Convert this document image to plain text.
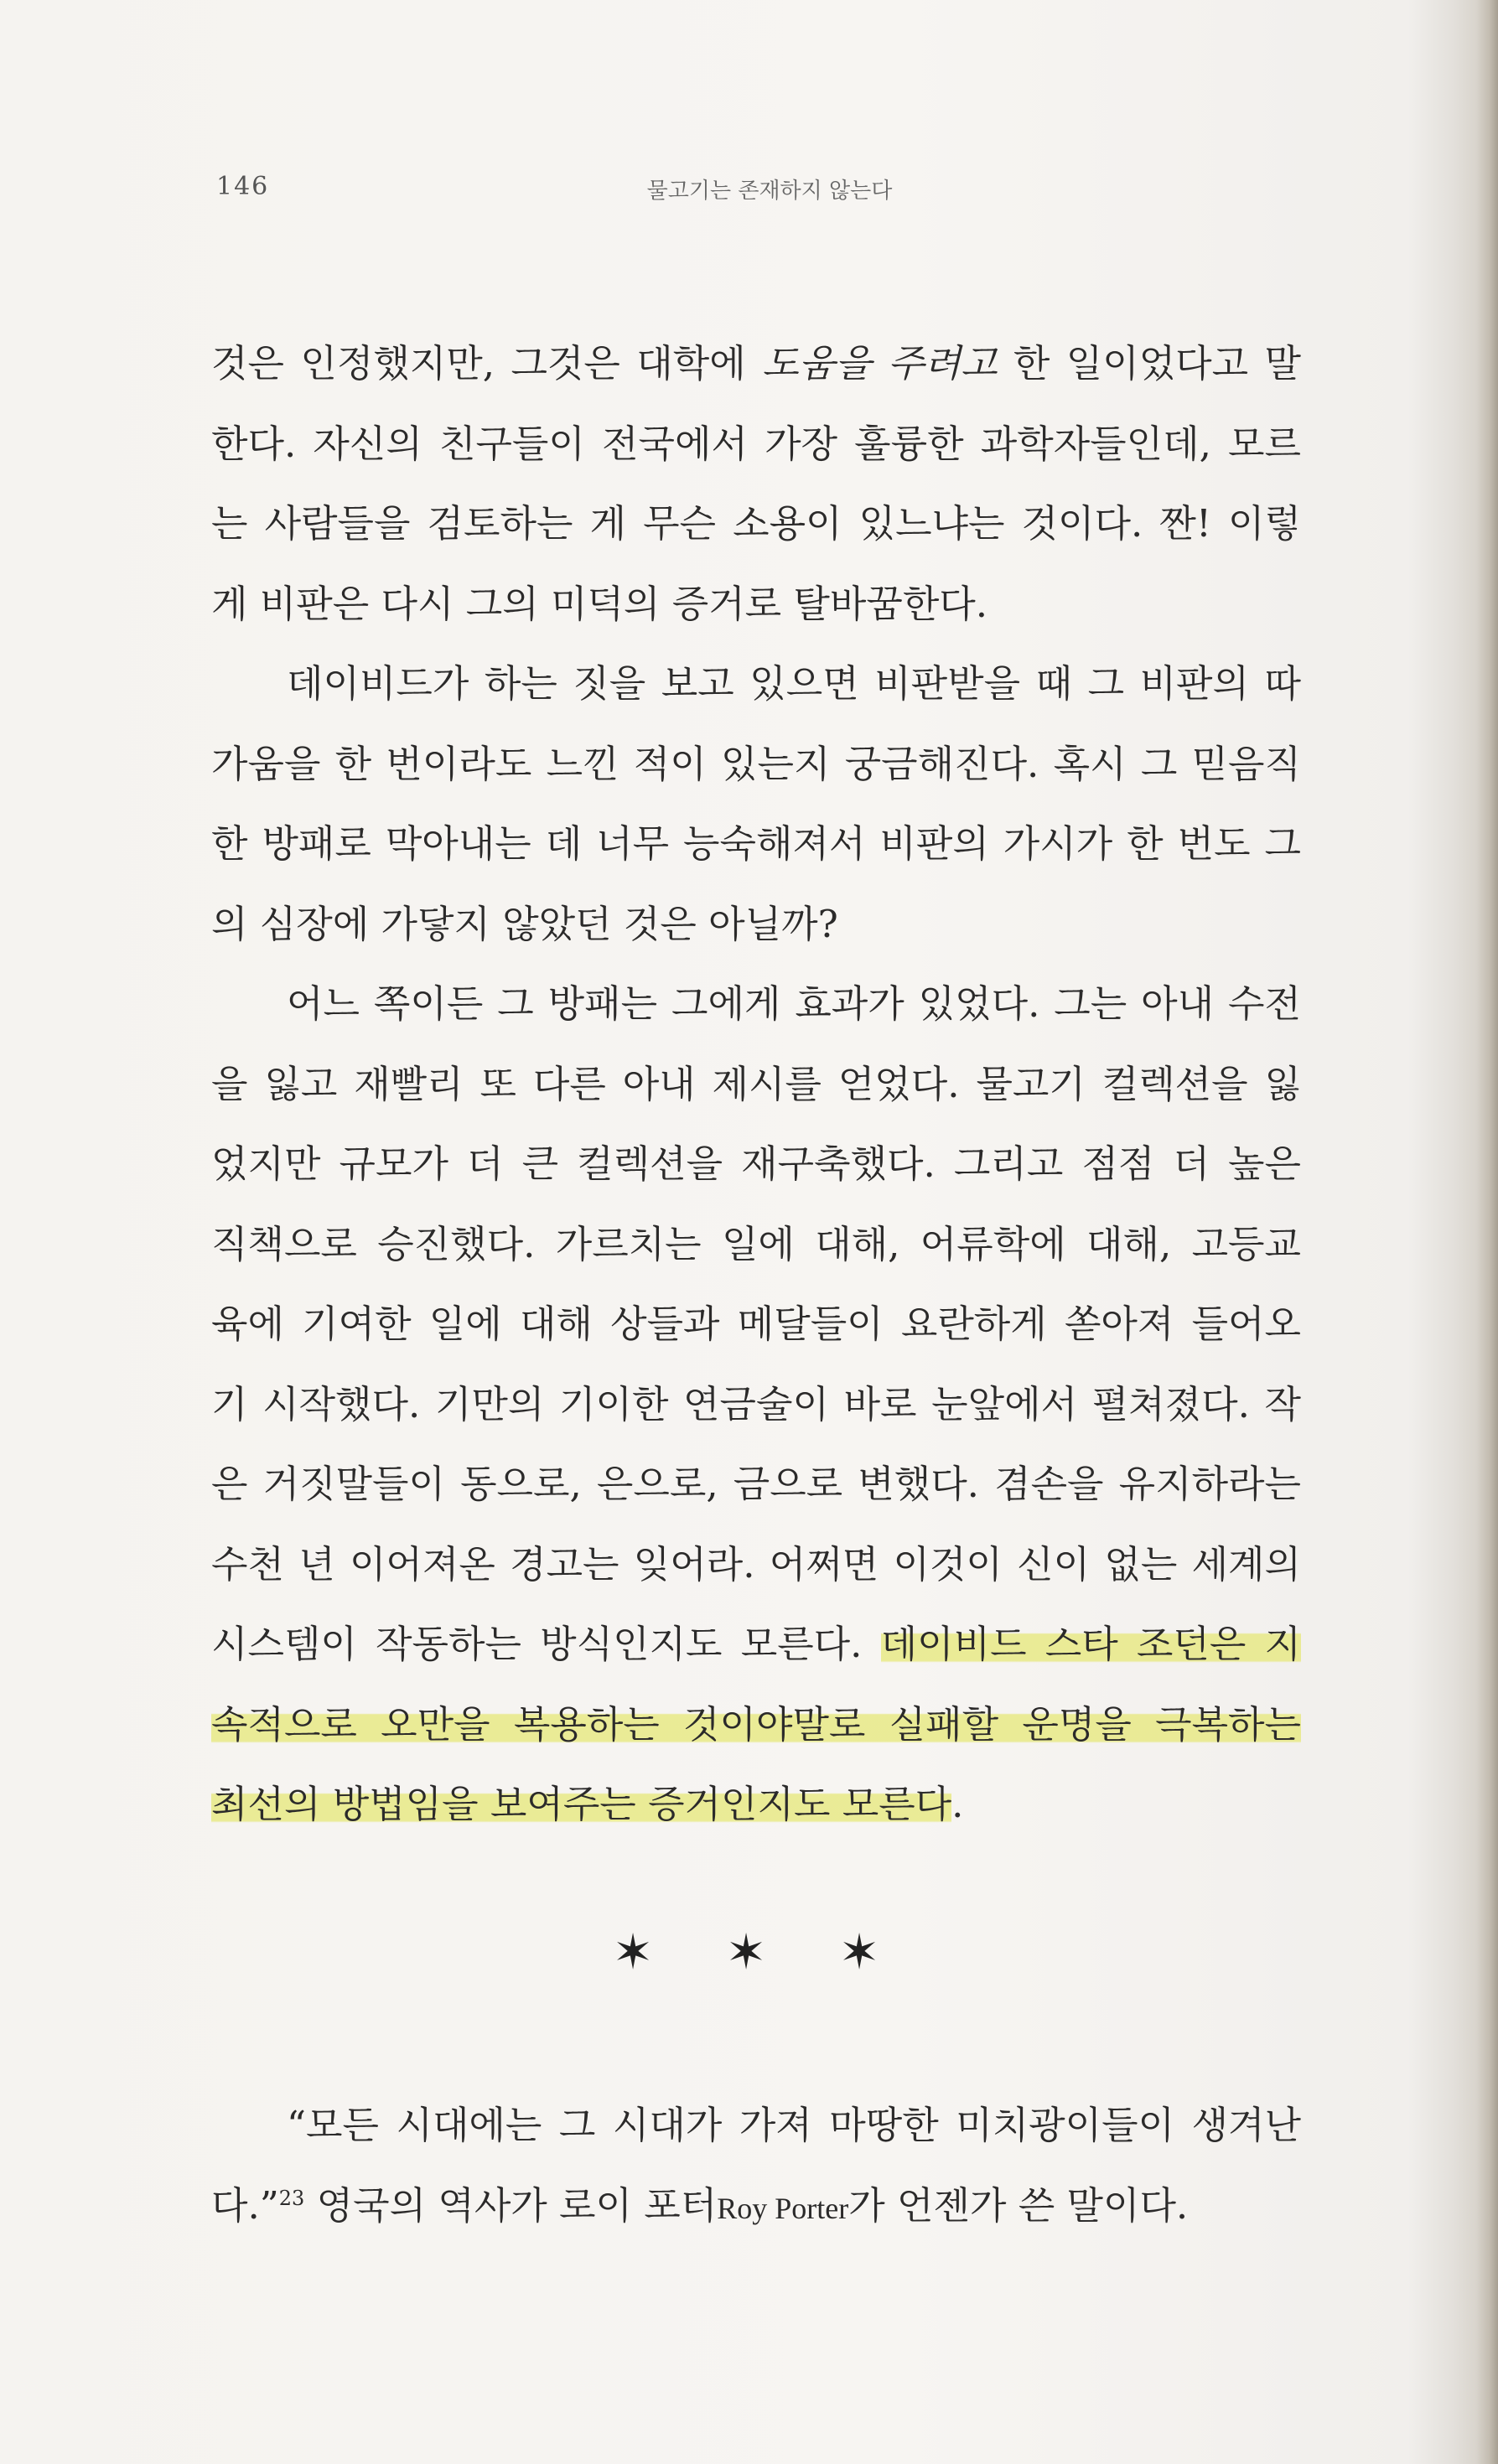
146	물고기는 존재하지 않는다
것은 인정했지만, 그것은 대학에 도움을 주려고 한 일이었다고 말
한다. 자신의 친구들이 전국에서 가장 훌륭한 과학자들인데, 모르
는 사람들을 검토하는 게 무슨 소용이 있느냐는 것이다. 짠! 이렇
게 비판은 다시 그의 미덕의 증거로 탈바꿈한다.
데이비드가 하는 짓을 보고 있으면 비판받을 때 그 비판의 따
가움을 한 번이라도 느낀 적이 있는지 궁금해진다. 혹시 그 믿음직
한 방패로 막아내는 데 너무 능숙해져서 비판의 가시가 한 번도 그
의 심장에 가닿지 않았던 것은 아닐까?
어느 쪽이든 그 방패는 그에게 효과가 있었다. 그는 아내 수전
을 잃고 재빨리 또 다른 아내 제시를 얻었다. 물고기 컬렉션을 잃
었지만 규모가 더 큰 컬렉션을 재구축했다. 그리고 점점 더 높은
직책으로 승진했다. 가르치는 일에 대해, 어류학에 대해, 고등교
육에 기여한 일에 대해 상들과 메달들이 요란하게 쏟아져 들어오
기 시작했다. 기만의 기이한 연금술이 바로 눈앞에서 펼쳐졌다. 작
은 거짓말들이 동으로, 은으로, 금으로 변했다. 겸손을 유지하라는
수천 년 이어져온 경고는 잊어라. 어쩌면 이것이 신이 없는 세계의
시스템이 작동하는 방식인지도 모른다. 데이비드 스타 조던은 지
속적으로 오만을 복용하는 것이야말로 실패할 운명을 극복하는
최선의 방법임을 보여주는 증거인지도 모른다.
✶ ✶ ✶
“모든 시대에는 그 시대가 가져 마땅한 미치광이들이 생겨난
다.”$^{23}$ 영국의 역사가 로이 포터Roy Porter가 언젠가 쓴 말이다.
